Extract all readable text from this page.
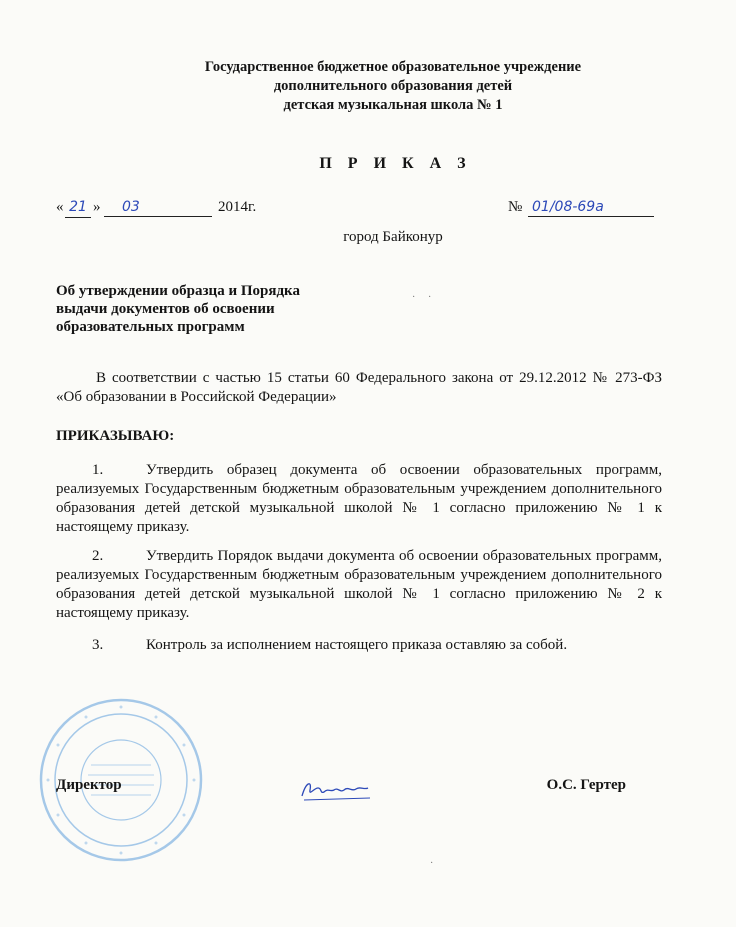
Государственное бюджетное образовательное учреждение
дополнительного образования детей
детская музыкальная школа № 1
П Р И К А З
« 21 »	03	2014г.	№ 01/08-69а
город Байконур
Об утверждении образца и Порядка
выдачи документов об освоении
образовательных программ
В соответствии с частью 15 статьи 60 Федерального закона от 29.12.2012 № 273-ФЗ «Об образовании в Российской Федерации»
ПРИКАЗЫВАЮ:
1.	Утвердить образец документа об освоении образовательных программ, реализуемых Государственным бюджетным образовательным учреждением дополнительного образования детей детской музыкальной школой № 1 согласно приложению № 1 к настоящему приказу.
2.	Утвердить Порядок выдачи документа об освоении образовательных программ, реализуемых Государственным бюджетным образовательным учреждением дополнительного образования детей детской музыкальной школой № 1 согласно приложению № 2 к настоящему приказу.
3.	Контроль за исполнением настоящего приказа оставляю за собой.
Директор	О.С. Гертер
· ·
·
